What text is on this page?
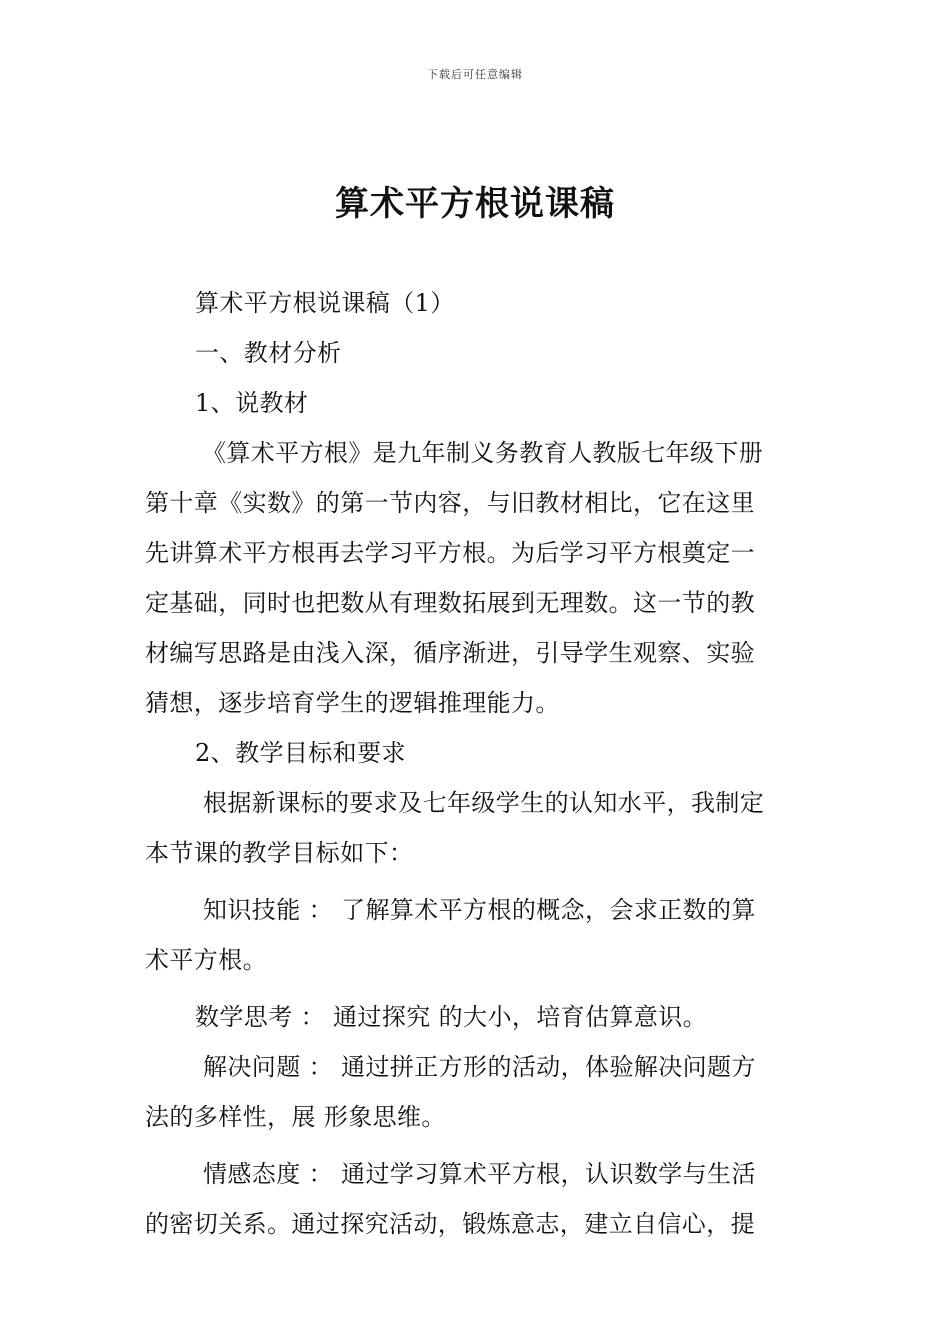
下载后可任意编辑
算术平方根说课稿
算术平方根说课稿（1）
一、教材分析
1、说教材
《算术平方根》是九年制义务教育人教版七年级下册
第十章《实数》的第一节内容，与旧教材相比，它在这里
先讲算术平方根再去学习平方根。为后学习平方根奠定一
定基础，同时也把数从有理数拓展到无理数。这一节的教
材编写思路是由浅入深，循序渐进，引导学生观察、实验
猜想，逐步培育学生的逻辑推理能力。
2、教学目标和要求
根据新课标的要求及七年级学生的认知水平，我制定
本节课的教学目标如下：
知识技能 ： 了解算术平方根的概念，会求正数的算
术平方根。
数学思考 ： 通过探究 的大小，培育估算意识。
解决问题 ： 通过拼正方形的活动，体验解决问题方
法的多样性，展 形象思维。
情感态度 ： 通过学习算术平方根，认识数学与生活
的密切关系。通过探究活动，锻炼意志，建立自信心，提
